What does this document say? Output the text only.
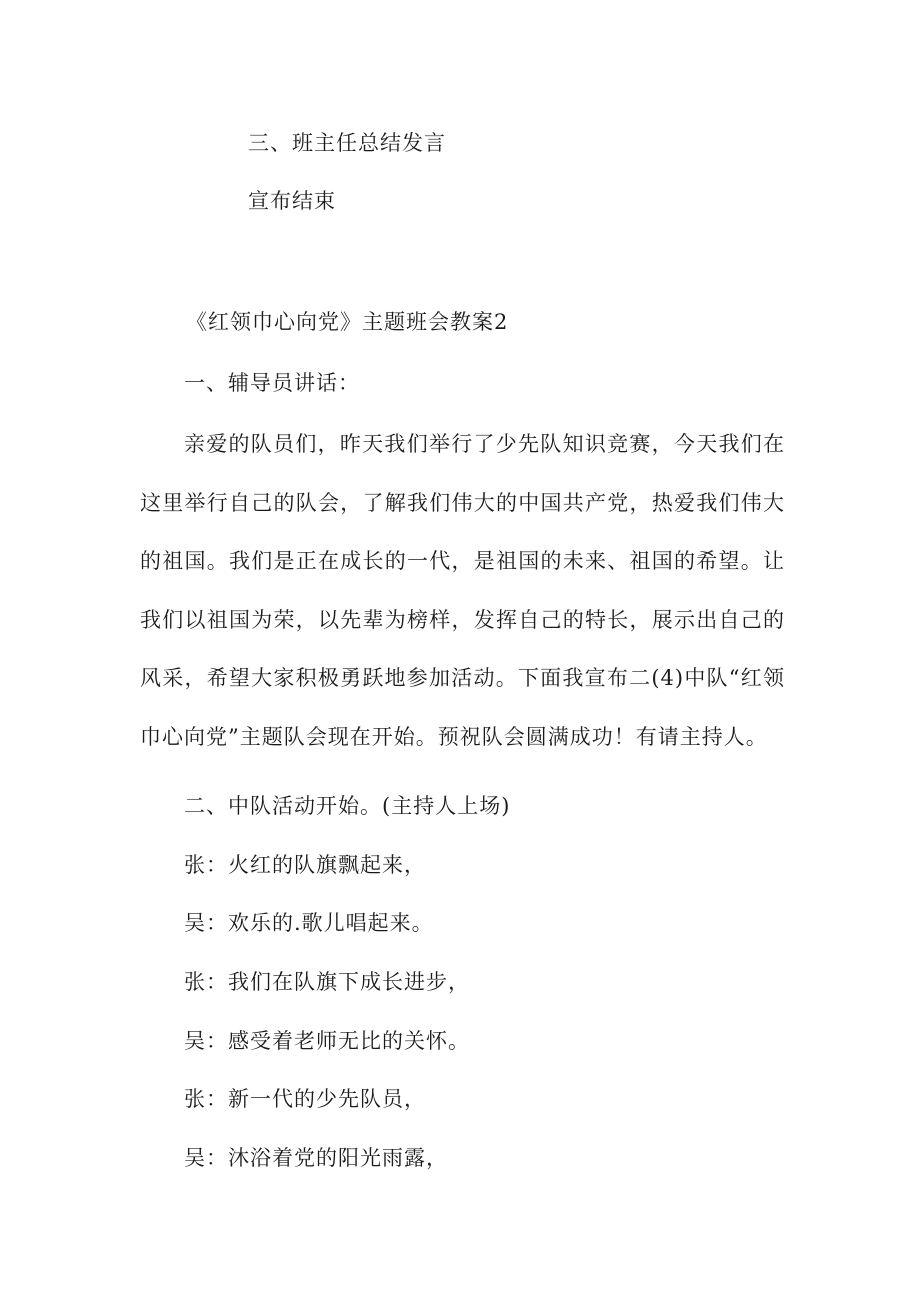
三、班主任总结发言
宣布结束
《红领巾心向党》主题班会教案2
一、辅导员讲话：
亲爱的队员们，昨天我们举行了少先队知识竞赛，今天我们在这里举行自己的队会，了解我们伟大的中国共产党，热爱我们伟大的祖国。我们是正在成长的一代，是祖国的未来、祖国的希望。让我们以祖国为荣，以先辈为榜样，发挥自己的特长，展示出自己的风采，希望大家积极勇跃地参加活动。下面我宣布二(4)中队“红领巾心向党”主题队会现在开始。预祝队会圆满成功！有请主持人。
二、中队活动开始。(主持人上场)
张：火红的队旗飘起来，
吴：欢乐的.歌儿唱起来。
张：我们在队旗下成长进步，
吴：感受着老师无比的关怀。
张：新一代的少先队员，
吴：沐浴着党的阳光雨露，
